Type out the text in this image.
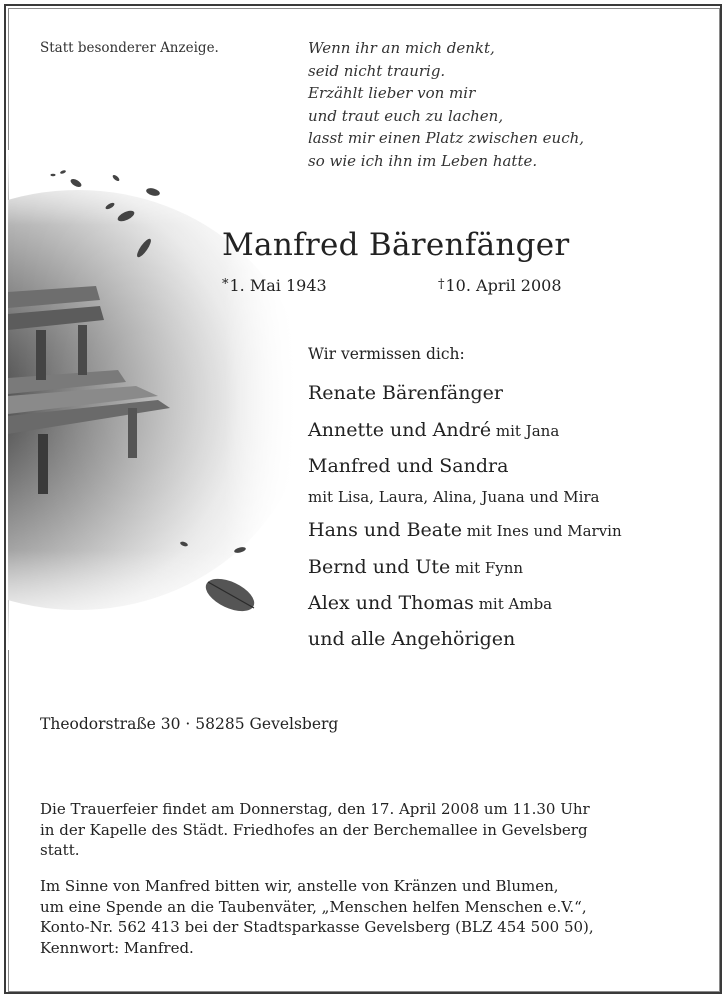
Statt besonderer Anzeige.	Wenn ihr an mich denkt,
seid nicht traurig.
Erzählt lieber von mir
und traut euch zu lachen,
lasst mir einen Platz zwischen euch,
so wie ich ihn im Leben hatte.
Manfred Bärenfänger
*1. Mai 1943	†10. April 2008
Wir vermissen dich:
Renate Bärenfänger
Annette und André mit Jana
Manfred und Sandra
mit Lisa, Laura, Alina, Juana und Mira
Hans und Beate mit Ines und Marvin
Bernd und Ute mit Fynn
Alex und Thomas mit Amba
und alle Angehörigen
Theodorstraße 30 · 58285 Gevelsberg
Die Trauerfeier findet am Donnerstag, den 17. April 2008 um 11.30 Uhr
in der Kapelle des Städt. Friedhofes an der Berchemallee in Gevelsberg
statt.
Im Sinne von Manfred bitten wir, anstelle von Kränzen und Blumen,
um eine Spende an die Taubenväter, „Menschen helfen Menschen e.V.“,
Konto-Nr. 562 413 bei der Stadtsparkasse Gevelsberg (BLZ 454 500 50),
Kennwort: Manfred.
